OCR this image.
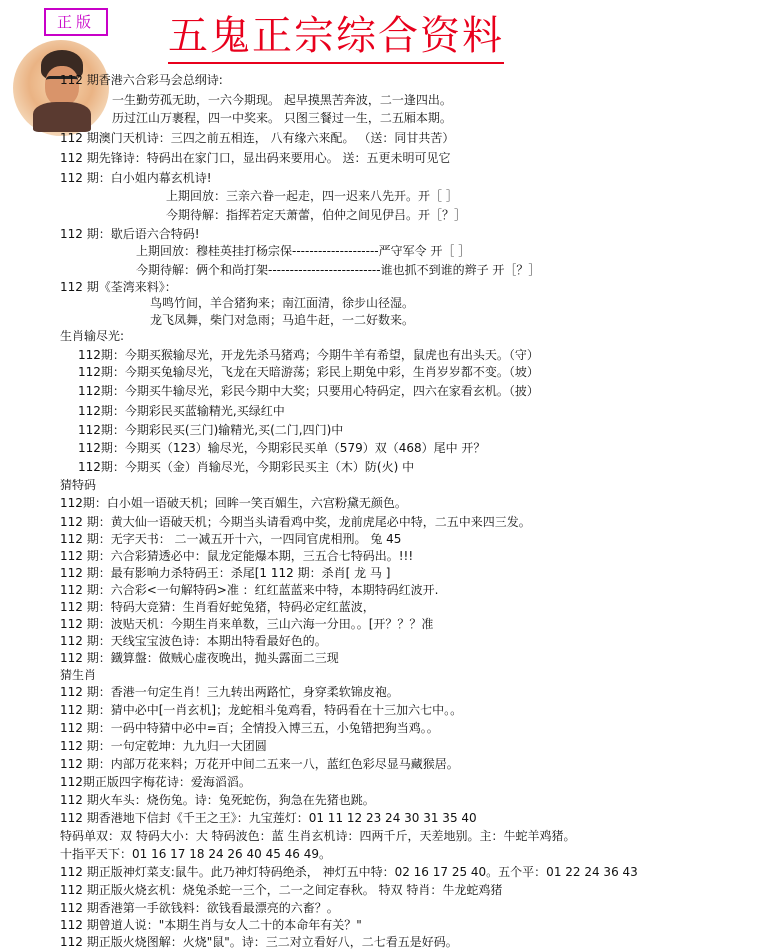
正版	五鬼正宗综合资料
112 期香港六合彩马会总纲诗:
一生勤劳孤无助，一六今期现。 起早摸黑苦奔波，二一逢四出。
历过江山万裹程，四一中奖来。 只图三餐过一生，二五厢本期。
112 期澳门天机诗：三四之前五相连， 八有缘六来配。 （送：同甘共苦）
112 期先锋诗：特码出在家门口，显出码来要用心。 送：五更未明可见它
112 期：白小姐内幕玄机诗!
上期回放：三亲六眷一起走，四一迟来八先开。开［ ］
今期待解：指挥若定天萧蕾，伯仲之间见伊吕。开［？］
112 期：歇后语六合特码!
上期回放：穆桂英挂打杨宗保--------------------严守军令 开［ ］
今期待解：俩个和尚打架--------------------------谁也抓不到谁的辫子 开［？］
112 期《荃湾来料》：
鸟鸣竹间，羊合猪狗来；南江面清，徐步山径湿。
龙飞凤舞，柴门对急雨；马追牛赶，一二好数来。
生肖输尽光:
112期：今期买猴输尽光，开龙先杀马猪鸡；今期牛羊有希望，鼠虎也有出头天。（守）
112期：今期买兔输尽光，飞龙在天暗游荡；彩民上期兔中彩，生肖岁岁都不变。（坡）
112期：今期买牛输尽光，彩民今期中大奖；只要用心特码定，四六在家看玄机。（披）
112期：今期彩民买蓝输精光,买绿红中
112期：今期彩民买(三门)输精光,买(二门,四门)中
112期：今期买（123）输尽光，今期彩民买单（579）双（468）尾中 开？
112期：今期买（金）肖输尽光，今期彩民买主（木）防(火) 中
猜特码
112期：白小姐一语破天机；回眸一笑百媚生，六宫粉黛无颜色。
112 期：黄大仙一语破天机；今期当头请看鸡中奖，龙前虎尾必中特，二五中来四三发。
112 期：无字天书： 二一减五开十六，一四同官虎相刑。 兔 45
112 期：六合彩猜透必中：鼠龙定能爆本期，三五合七特码出。!!!
112 期：最有影响力杀特码王：杀尾[1 112 期：杀肖[ 龙 马 ]
112 期：六合彩<一句解特码>准 ：红红蓝蓝来中特，本期特码红波开.
112 期：特码大竞猜：生肖看好蛇兔猪，特码必定红蓝波，
112 期：波贴天机：今期生肖来单数，三山六海一分田。。[开？？？准
112 期：天线宝宝波色诗：本期出特看最好色的。
112 期：鐡算盤：做贼心虚夜晚出，抛头露面二三现
猜生肖
112 期：香港一句定生肖！三九转出两路忙，身穿柔软锦皮袍。
112 期：猜中必中[一肖玄机]；龙蛇相斗兔鸡看，特码看在十三加六七中。。
112 期：一码中特猜中必中=百；全情投入博三五，小兔错把狗当鸡。。
112 期：一句定乾坤：九九归一大团圆
112 期：内部万花来料；万花开中间二五来一八，蓝红色彩尽显马藏猴居。
112期正版四字梅花诗：爱海滔滔。
112 期火车头：烧伤兔。诗：兔死蛇伤，狗急在先猪也跳。
112 期香港地下信封《千王之王》：九宝莲灯：01 11 12 23 24 30 31 35 40
特码单双：双 特码大小：大 特码波色：蓝 生肖玄机诗：四两千斤，天差地别。主：牛蛇羊鸡猪。
十指平天下：01 16 17 18 24 26 40 45 46 49。
112 期正版神灯菜支:鼠牛。此乃神灯特码绝杀， 神灯五中特：02 16 17 25 40。五个平：01 22 24 36 43
112 期正版火烧玄机：烧兔杀蛇一三个，二一之间定春秋。 特双 特肖：牛龙蛇鸡猪
112 期香港第一手欲钱料：欲钱看最漂亮的六畜？。
112 期曾道人说："本期生肖与女人二十的本命年有关？"
112 期正版火烧图解：火烧"鼠"。诗：三二对立看好八，二七看五是好码。
